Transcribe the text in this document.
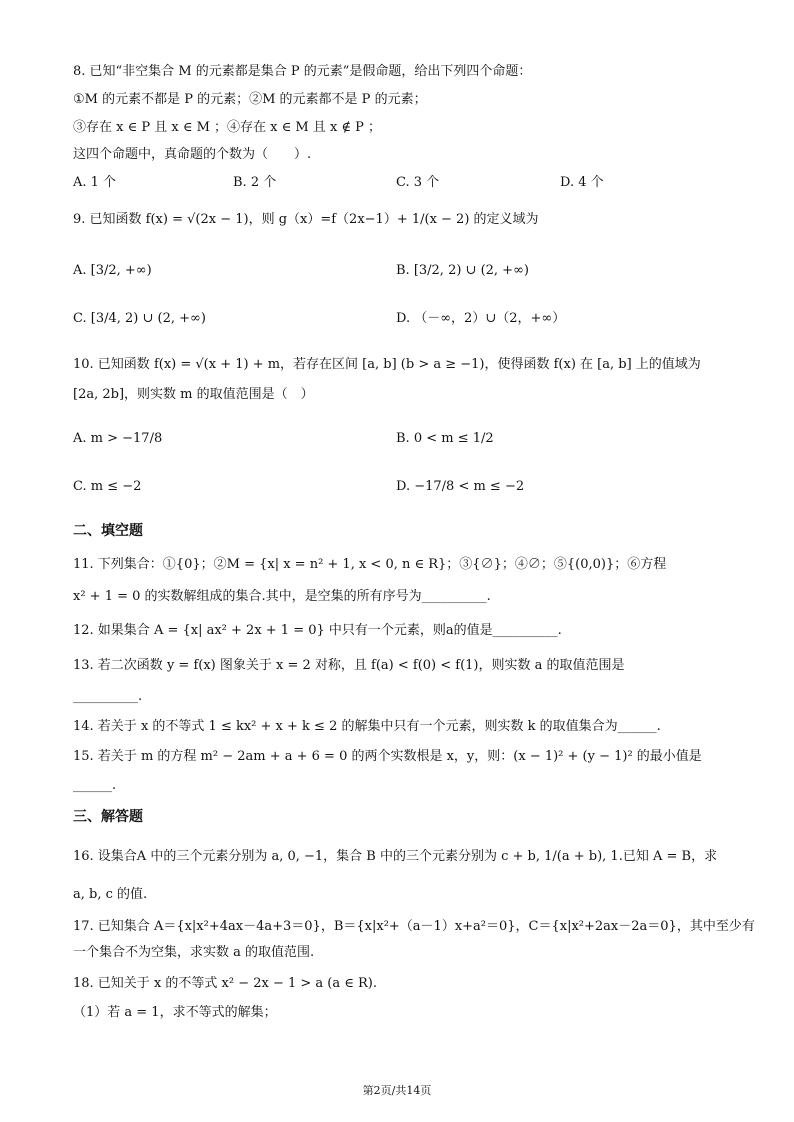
8. 已知“非空集合 M 的元素都是集合 P 的元素”是假命题，给出下列四个命题：
①M 的元素不都是 P 的元素；②M 的元素都不是 P 的元素；
③存在 x ∈ P 且 x ∈ M ；④存在 x ∈ M 且 x ∉ P ；
这四个命题中，真命题的个数为（　　）.
A. 1 个	B. 2 个	C. 3 个	D. 4 个
9. 已知函数 f(x) = √(2x − 1)，则 g（x）=f（2x−1）+ 1/(x − 2) 的定义域为
A. [3/2, +∞)	B. [3/2, 2) ∪ (2, +∞)
C. [3/4, 2) ∪ (2, +∞)	D. （－∞，2）∪（2，+∞）
10. 已知函数 f(x) = √(x + 1) + m，若存在区间 [a, b] (b > a ≥ −1)，使得函数 f(x) 在 [a, b] 上的值域为
[2a, 2b]，则实数 m 的取值范围是（　）
A. m > −17/8	B. 0 < m ≤ 1/2
C. m ≤ −2	D. −17/8 < m ≤ −2
二、填空题
11. 下列集合：①{0}；②M = {x| x = n² + 1, x < 0, n ∈ R}；③{∅}；④∅；⑤{(0,0)}；⑥方程
x² + 1 = 0 的实数解组成的集合.其中，是空集的所有序号为__________.
12. 如果集合 A = {x| ax² + 2x + 1 = 0} 中只有一个元素，则a的值是__________.
13. 若二次函数 y = f(x) 图象关于 x = 2 对称，且 f(a) < f(0) < f(1)，则实数 a 的取值范围是
__________.
14. 若关于 x 的不等式 1 ≤ kx² + x + k ≤ 2 的解集中只有一个元素，则实数 k 的取值集合为______.
15. 若关于 m 的方程 m² − 2am + a + 6 = 0 的两个实数根是 x，y，则：(x − 1)² + (y − 1)² 的最小值是
______.
三、解答题
16. 设集合A 中的三个元素分别为 a, 0, −1，集合 B 中的三个元素分别为 c + b, 1/(a + b), 1.已知 A = B，求
a, b, c 的值.
17. 已知集合 A＝{x|x²+4ax－4a+3＝0}，B＝{x|x²+（a－1）x+a²＝0}，C＝{x|x²+2ax－2a＝0}，其中至少有
一个集合不为空集，求实数 a 的取值范围.
18. 已知关于 x 的不等式 x² − 2x − 1 > a (a ∈ R).
（1）若 a = 1，求不等式的解集；
第2页/共14页
